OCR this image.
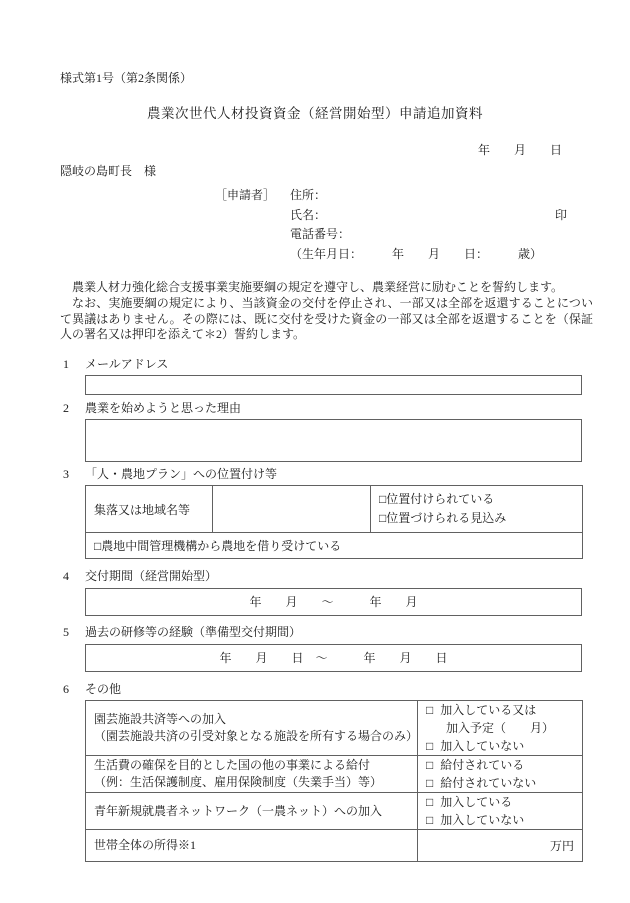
様式第1号（第2条関係）
農業次世代人材投資資金（経営開始型）申請追加資料
年　　月　　日
隠岐の島町長　様
［申請者］	住所：
氏名：	印
電話番号：
（生年月日：　　　年　　月　　日：　　　歳）

農業人材力強化総合支援事業実施要綱の規定を遵守し、農業経営に励むことを誓約します。

なお、実施要綱の規定により、当該資金の交付を停止され、一部又は全部を返還することについて異議はありません。その際には、既に交付を受けた資金の一部又は全部を返還することを（保証人の署名又は押印を添えて＊2）誓約します。

1	メールアドレス
2	農業を始めようと思った理由
3	「人・農地プラン」への位置付け等
集落又は地域名等		
□ 位置付けられている
□ 位置づけられる見込み

□ 農地中間管理機構から農地を借り受けている
4	交付期間（経営開始型）
年　　月　　～　　　年　　月
5	過去の研修等の経験（準備型交付期間）
年　　月　　日　～　　　年　　月　　日
6	その他
園芸施設共済等への加入
（園芸施設共済の引受対象となる施設を所有する場合のみ）

□ 加入している又は
加入予定（　　月）
□ 加入していない

生活費の確保を目的とした国の他の事業による給付
（例：生活保護制度、雇用保険制度（失業手当）等）

□ 給付されている
□ 給付されていない

青年新規就農者ネットワーク（一農ネット）への加入	□ 加入している
□ 加入していない

世帯全体の所得※1	万円
